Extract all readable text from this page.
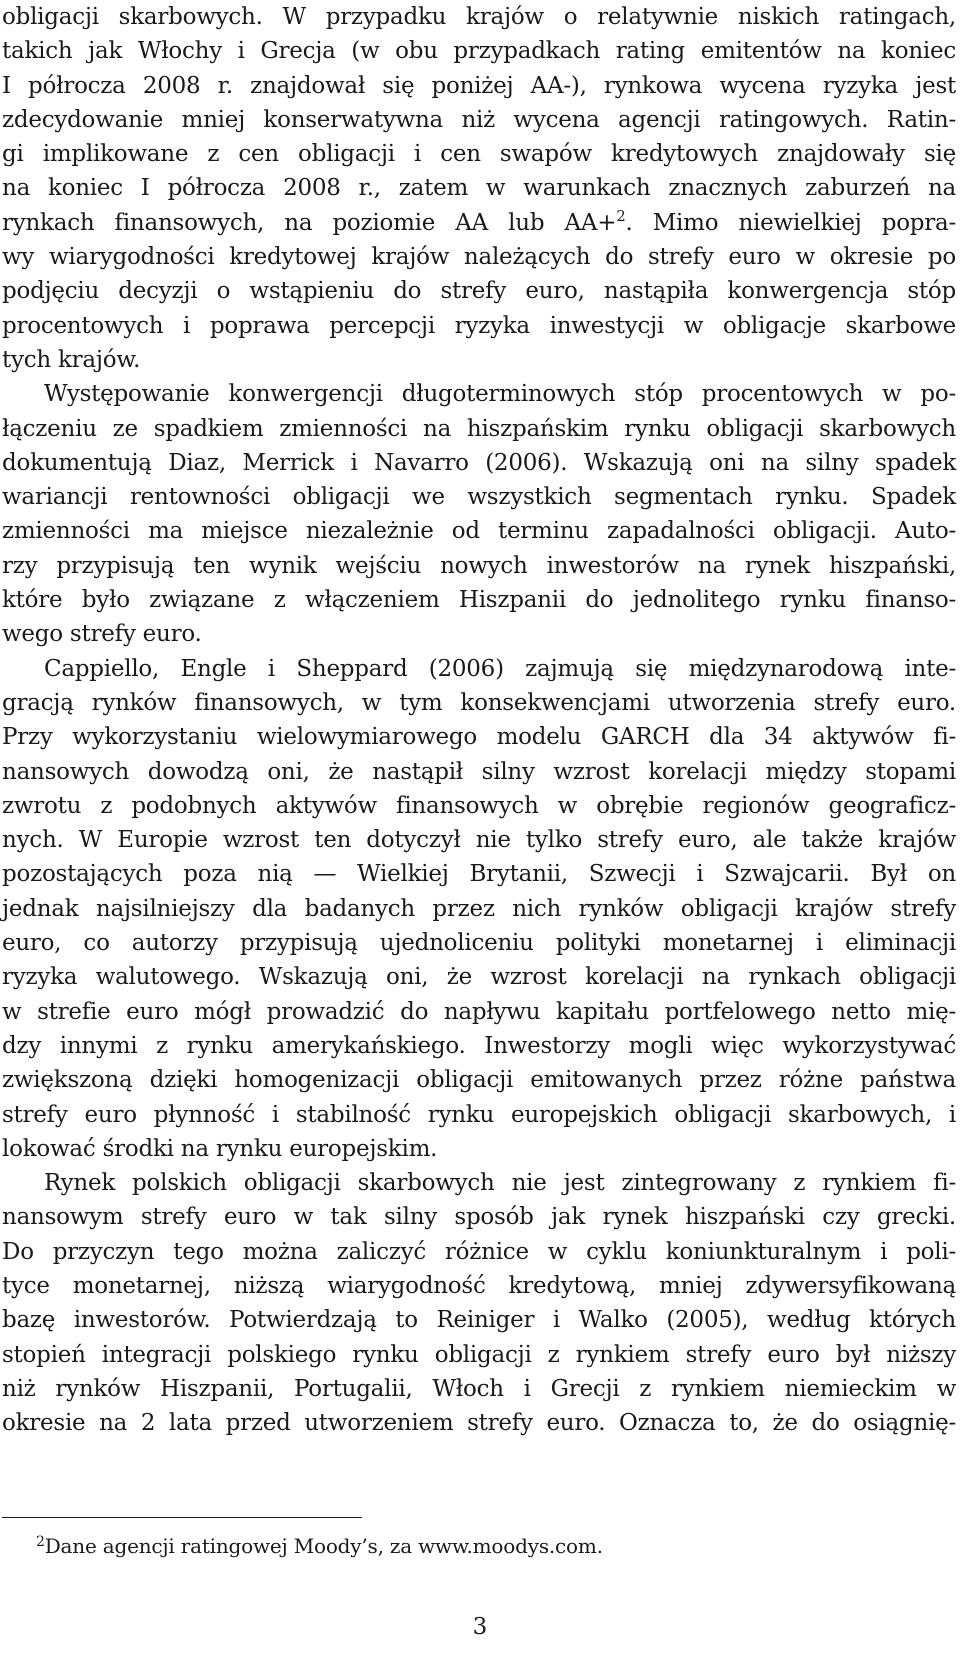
obligacji skarbowych. W przypadku krajów o relatywnie niskich ratingach,
takich jak Włochy i Grecja (w obu przypadkach rating emitentów na koniec
I półrocza 2008 r. znajdował się poniżej AA-), rynkowa wycena ryzyka jest
zdecydowanie mniej konserwatywna niż wycena agencji ratingowych. Ratin-
gi implikowane z cen obligacji i cen swapów kredytowych znajdowały się
na koniec I półrocza 2008 r., zatem w warunkach znacznych zaburzeń na
rynkach finansowych, na poziomie AA lub AA+$^2$. Mimo niewielkiej popra-
wy wiarygodności kredytowej krajów należących do strefy euro w okresie po
podjęciu decyzji o wstąpieniu do strefy euro, nastąpiła konwergencja stóp
procentowych i poprawa percepcji ryzyka inwestycji w obligacje skarbowe
tych krajów.
Występowanie konwergencji długoterminowych stóp procentowych w po-
łączeniu ze spadkiem zmienności na hiszpańskim rynku obligacji skarbowych
dokumentują Diaz, Merrick i Navarro (2006). Wskazują oni na silny spadek
wariancji rentowności obligacji we wszystkich segmentach rynku. Spadek
zmienności ma miejsce niezależnie od terminu zapadalności obligacji. Auto-
rzy przypisują ten wynik wejściu nowych inwestorów na rynek hiszpański,
które było związane z włączeniem Hiszpanii do jednolitego rynku finanso-
wego strefy euro.
Cappiello, Engle i Sheppard (2006) zajmują się międzynarodową inte-
gracją rynków finansowych, w tym konsekwencjami utworzenia strefy euro.
Przy wykorzystaniu wielowymiarowego modelu GARCH dla 34 aktywów fi-
nansowych dowodzą oni, że nastąpił silny wzrost korelacji między stopami
zwrotu z podobnych aktywów finansowych w obrębie regionów geograficz-
nych. W Europie wzrost ten dotyczył nie tylko strefy euro, ale także krajów
pozostających poza nią — Wielkiej Brytanii, Szwecji i Szwajcarii. Był on
jednak najsilniejszy dla badanych przez nich rynków obligacji krajów strefy
euro, co autorzy przypisują ujednoliceniu polityki monetarnej i eliminacji
ryzyka walutowego. Wskazują oni, że wzrost korelacji na rynkach obligacji
w strefie euro mógł prowadzić do napływu kapitału portfelowego netto mię-
dzy innymi z rynku amerykańskiego. Inwestorzy mogli więc wykorzystywać
zwiększoną dzięki homogenizacji obligacji emitowanych przez różne państwa
strefy euro płynność i stabilność rynku europejskich obligacji skarbowych, i
lokować środki na rynku europejskim.
Rynek polskich obligacji skarbowych nie jest zintegrowany z rynkiem fi-
nansowym strefy euro w tak silny sposób jak rynek hiszpański czy grecki.
Do przyczyn tego można zaliczyć różnice w cyklu koniunkturalnym i poli-
tyce monetarnej, niższą wiarygodność kredytową, mniej zdywersyfikowaną
bazę inwestorów. Potwierdzają to Reiniger i Walko (2005), według których
stopień integracji polskiego rynku obligacji z rynkiem strefy euro był niższy
niż rynków Hiszpanii, Portugalii, Włoch i Grecji z rynkiem niemieckim w
okresie na 2 lata przed utworzeniem strefy euro. Oznacza to, że do osiągnię-
$^2$Dane agencji ratingowej Moody’s, za www.moodys.com.
3
